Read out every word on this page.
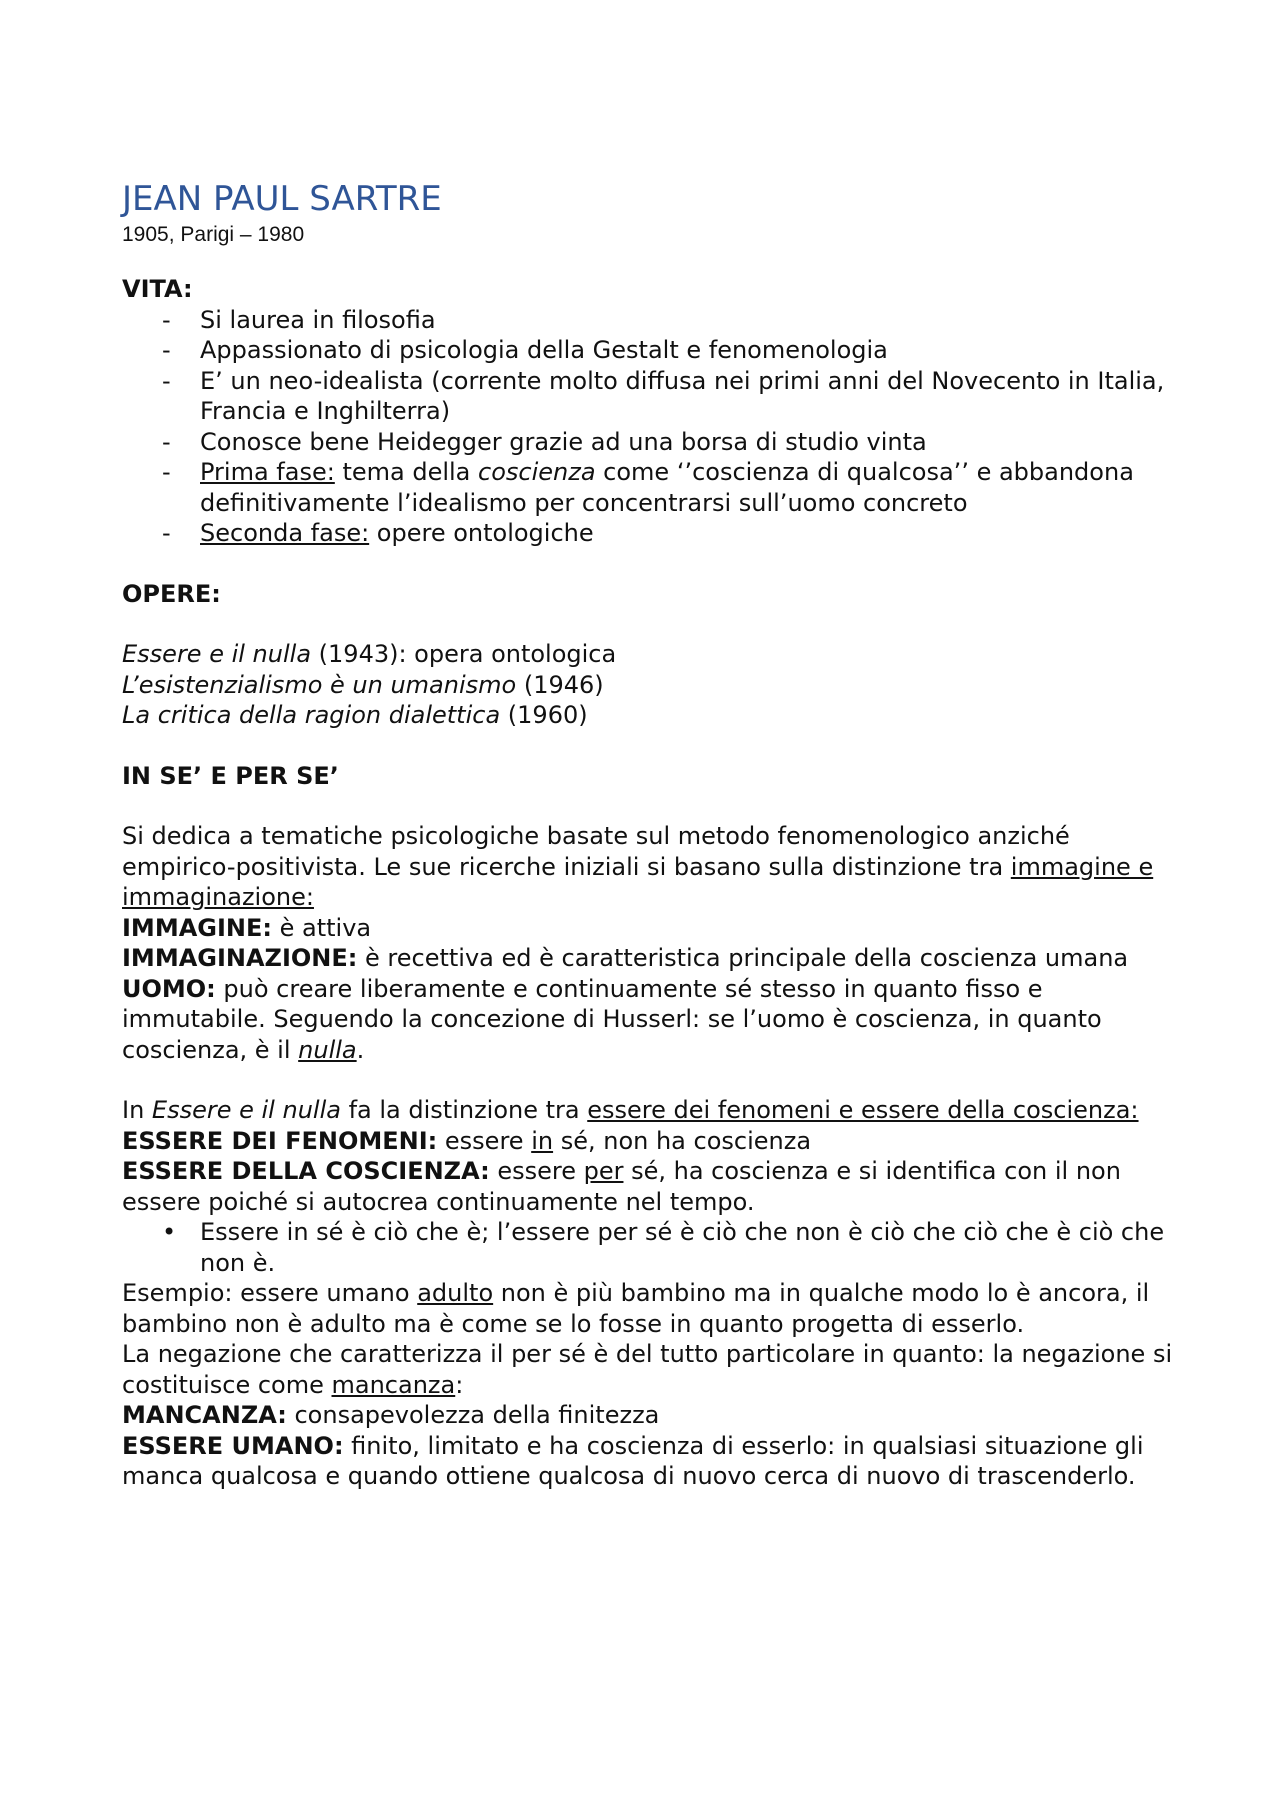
JEAN PAUL SARTRE

1905, Parigi – 1980

VITA:

- Si laurea in filosofia
- Appassionato di psicologia della Gestalt e fenomenologia
- E’ un neo-idealista (corrente molto diffusa nei primi anni del Novecento in Italia, Francia e Inghilterra)
- Conosce bene Heidegger grazie ad una borsa di studio vinta
- Prima fase: tema della coscienza come ‘’coscienza di qualcosa’’ e abbandona definitivamente l’idealismo per concentrarsi sull’uomo concreto
- Seconda fase: opere ontologiche

OPERE:

Essere e il nulla (1943): opera ontologica

L’esistenzialismo è un umanismo (1946)

La critica della ragion dialettica (1960)

IN SE’ E PER SE’

Si dedica a tematiche psicologiche basate sul metodo fenomenologico anziché empirico-positivista. Le sue ricerche iniziali si basano sulla distinzione tra immagine e immaginazione:

IMMAGINE: è attiva

IMMAGINAZIONE: è recettiva ed è caratteristica principale della coscienza umana

UOMO: può creare liberamente e continuamente sé stesso in quanto fisso e immutabile. Seguendo la concezione di Husserl: se l’uomo è coscienza, in quanto coscienza, è il nulla.

In Essere e il nulla fa la distinzione tra essere dei fenomeni e essere della coscienza:

ESSERE DEI FENOMENI: essere in sé, non ha coscienza

ESSERE DELLA COSCIENZA: essere per sé, ha coscienza e si identifica con il non essere poiché si autocrea continuamente nel tempo.

• Essere in sé è ciò che è; l’essere per sé è ciò che non è ciò che ciò che è ciò che non è.

Esempio: essere umano adulto non è più bambino ma in qualche modo lo è ancora, il bambino non è adulto ma è come se lo fosse in quanto progetta di esserlo.

La negazione che caratterizza il per sé è del tutto particolare in quanto: la negazione si costituisce come mancanza:

MANCANZA: consapevolezza della finitezza

ESSERE UMANO: finito, limitato e ha coscienza di esserlo: in qualsiasi situazione gli manca qualcosa e quando ottiene qualcosa di nuovo cerca di nuovo di trascenderlo.
